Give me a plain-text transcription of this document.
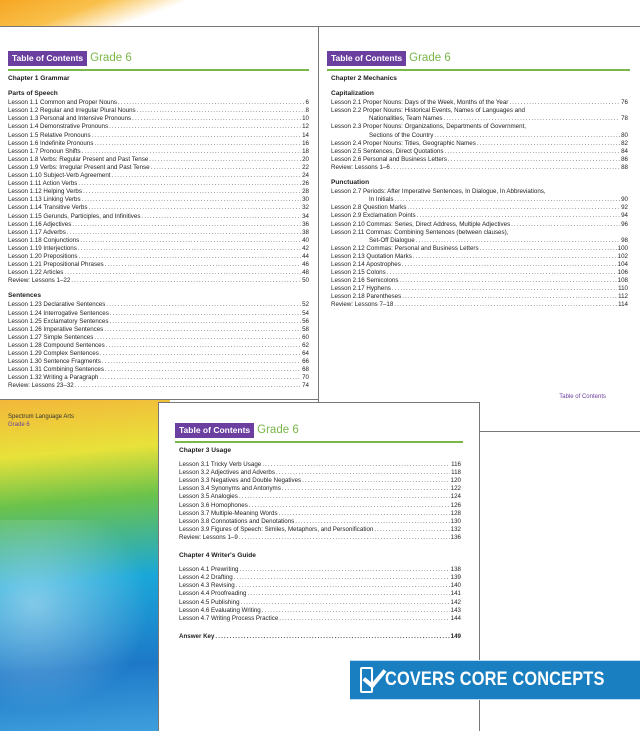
Table of Contents Grade 6
Chapter 1 Grammar
Parts of Speech
Lesson 1.1 Common and Proper Nouns . . .	6
Lesson 1.2 Regular and Irregular Plural Nouns . . .	8
Lesson 1.3 Personal and Intensive Pronouns . . .	10
Lesson 1.4 Demonstrative Pronouns . . .	12
Lesson 1.5 Relative Pronouns . . .	14
Lesson 1.6 Indefinite Pronouns . . .	16
Lesson 1.7 Pronoun Shifts . . .	18
Lesson 1.8 Verbs: Regular Present and Past Tense . . .	20
Lesson 1.9 Verbs: Irregular Present and Past Tense . . .	22
Lesson 1.10 Subject-Verb Agreement . . .	24
Lesson 1.11 Action Verbs . . .	26
Lesson 1.12 Helping Verbs . . .	28
Lesson 1.13 Linking Verbs . . .	30
Lesson 1.14 Transitive Verbs . . .	32
Lesson 1.15 Gerunds, Participles, and Infinitives . . .	34
Lesson 1.16 Adjectives . . .	36
Lesson 1.17 Adverbs . . .	38
Lesson 1.18 Conjunctions . . .	40
Lesson 1.19 Interjections . . .	42
Lesson 1.20 Prepositions . . .	44
Lesson 1.21 Prepositional Phrases . . .	46
Lesson 1.22 Articles . . .	48
Review: Lessons 1–22 . . .	50
Sentences
Lesson 1.23 Declarative Sentences . . .	52
Lesson 1.24 Interrogative Sentences . . .	54
Lesson 1.25 Exclamatory Sentences . . .	56
Lesson 1.26 Imperative Sentences . . .	58
Lesson 1.27 Simple Sentences . . .	60
Lesson 1.28 Compound Sentences . . .	62
Lesson 1.29 Complex Sentences . . .	64
Lesson 1.30 Sentence Fragments . . .	66
Lesson 1.31 Combining Sentences . . .	68
Lesson 1.32 Writing a Paragraph . . .	70
Review: Lessons 23–32 . . .	74
Spectrum Language Arts
Grade 6
Table of Contents Grade 6
Chapter 2 Mechanics
Capitalization
Lesson 2.1 Proper Nouns: Days of the Week, Months of the Year . . .	76
Lesson 2.2 Proper Nouns: Historical Events, Names of Languages and
Nationalities, Team Names . . .	78
Lesson 2.3 Proper Nouns: Organizations, Departments of Government,
Sections of the Country . . .	80
Lesson 2.4 Proper Nouns: Titles, Geographic Names . . .	82
Lesson 2.5 Sentences, Direct Quotations . . .	84
Lesson 2.6 Personal and Business Letters . . .	86
Review: Lessons 1–6 . . .	88
Punctuation
Lesson 2.7 Periods: After Imperative Sentences, In Dialogue, In Abbreviations,
In Initials . . .	90
Lesson 2.8 Question Marks . . .	92
Lesson 2.9 Exclamation Points . . .	94
Lesson 2.10 Commas: Series, Direct Address, Multiple Adjectives . . .	96
Lesson 2.11 Commas: Combining Sentences (between clauses),
Set-Off Dialogue . . .	98
Lesson 2.12 Commas: Personal and Business Letters . . .	100
Lesson 2.13 Quotation Marks . . .	102
Lesson 2.14 Apostrophes . . .	104
Lesson 2.15 Colons . . .	106
Lesson 2.16 Semicolons . . .	108
Lesson 2.17 Hyphens . . .	110
Lesson 2.18 Parentheses . . .	112
Review: Lessons 7–18 . . .	114
Table of Contents
Table of Contents Grade 6
Chapter 3 Usage
Lesson 3.1 Tricky Verb Usage . . .	116
Lesson 3.2 Adjectives and Adverbs . . .	118
Lesson 3.3 Negatives and Double Negatives . . .	120
Lesson 3.4 Synonyms and Antonyms . . .	122
Lesson 3.5 Analogies . . .	124
Lesson 3.6 Homophones . . .	126
Lesson 3.7 Multiple-Meaning Words . . .	128
Lesson 3.8 Connotations and Denotations . . .	130
Lesson 3.9 Figures of Speech: Similes, Metaphors, and Personification . . .	132
Review: Lessons 1–9 . . .	136
Chapter 4 Writer's Guide
Lesson 4.1 Prewriting . . .	138
Lesson 4.2 Drafting . . .	139
Lesson 4.3 Revising . . .	140
Lesson 4.4 Proofreading . . .	141
Lesson 4.5 Publishing . . .	142
Lesson 4.6 Evaluating Writing . . .	143
Lesson 4.7 Writing Process Practice . . .	144
Answer Key . . .	149
COVERS CORE CONCEPTS
